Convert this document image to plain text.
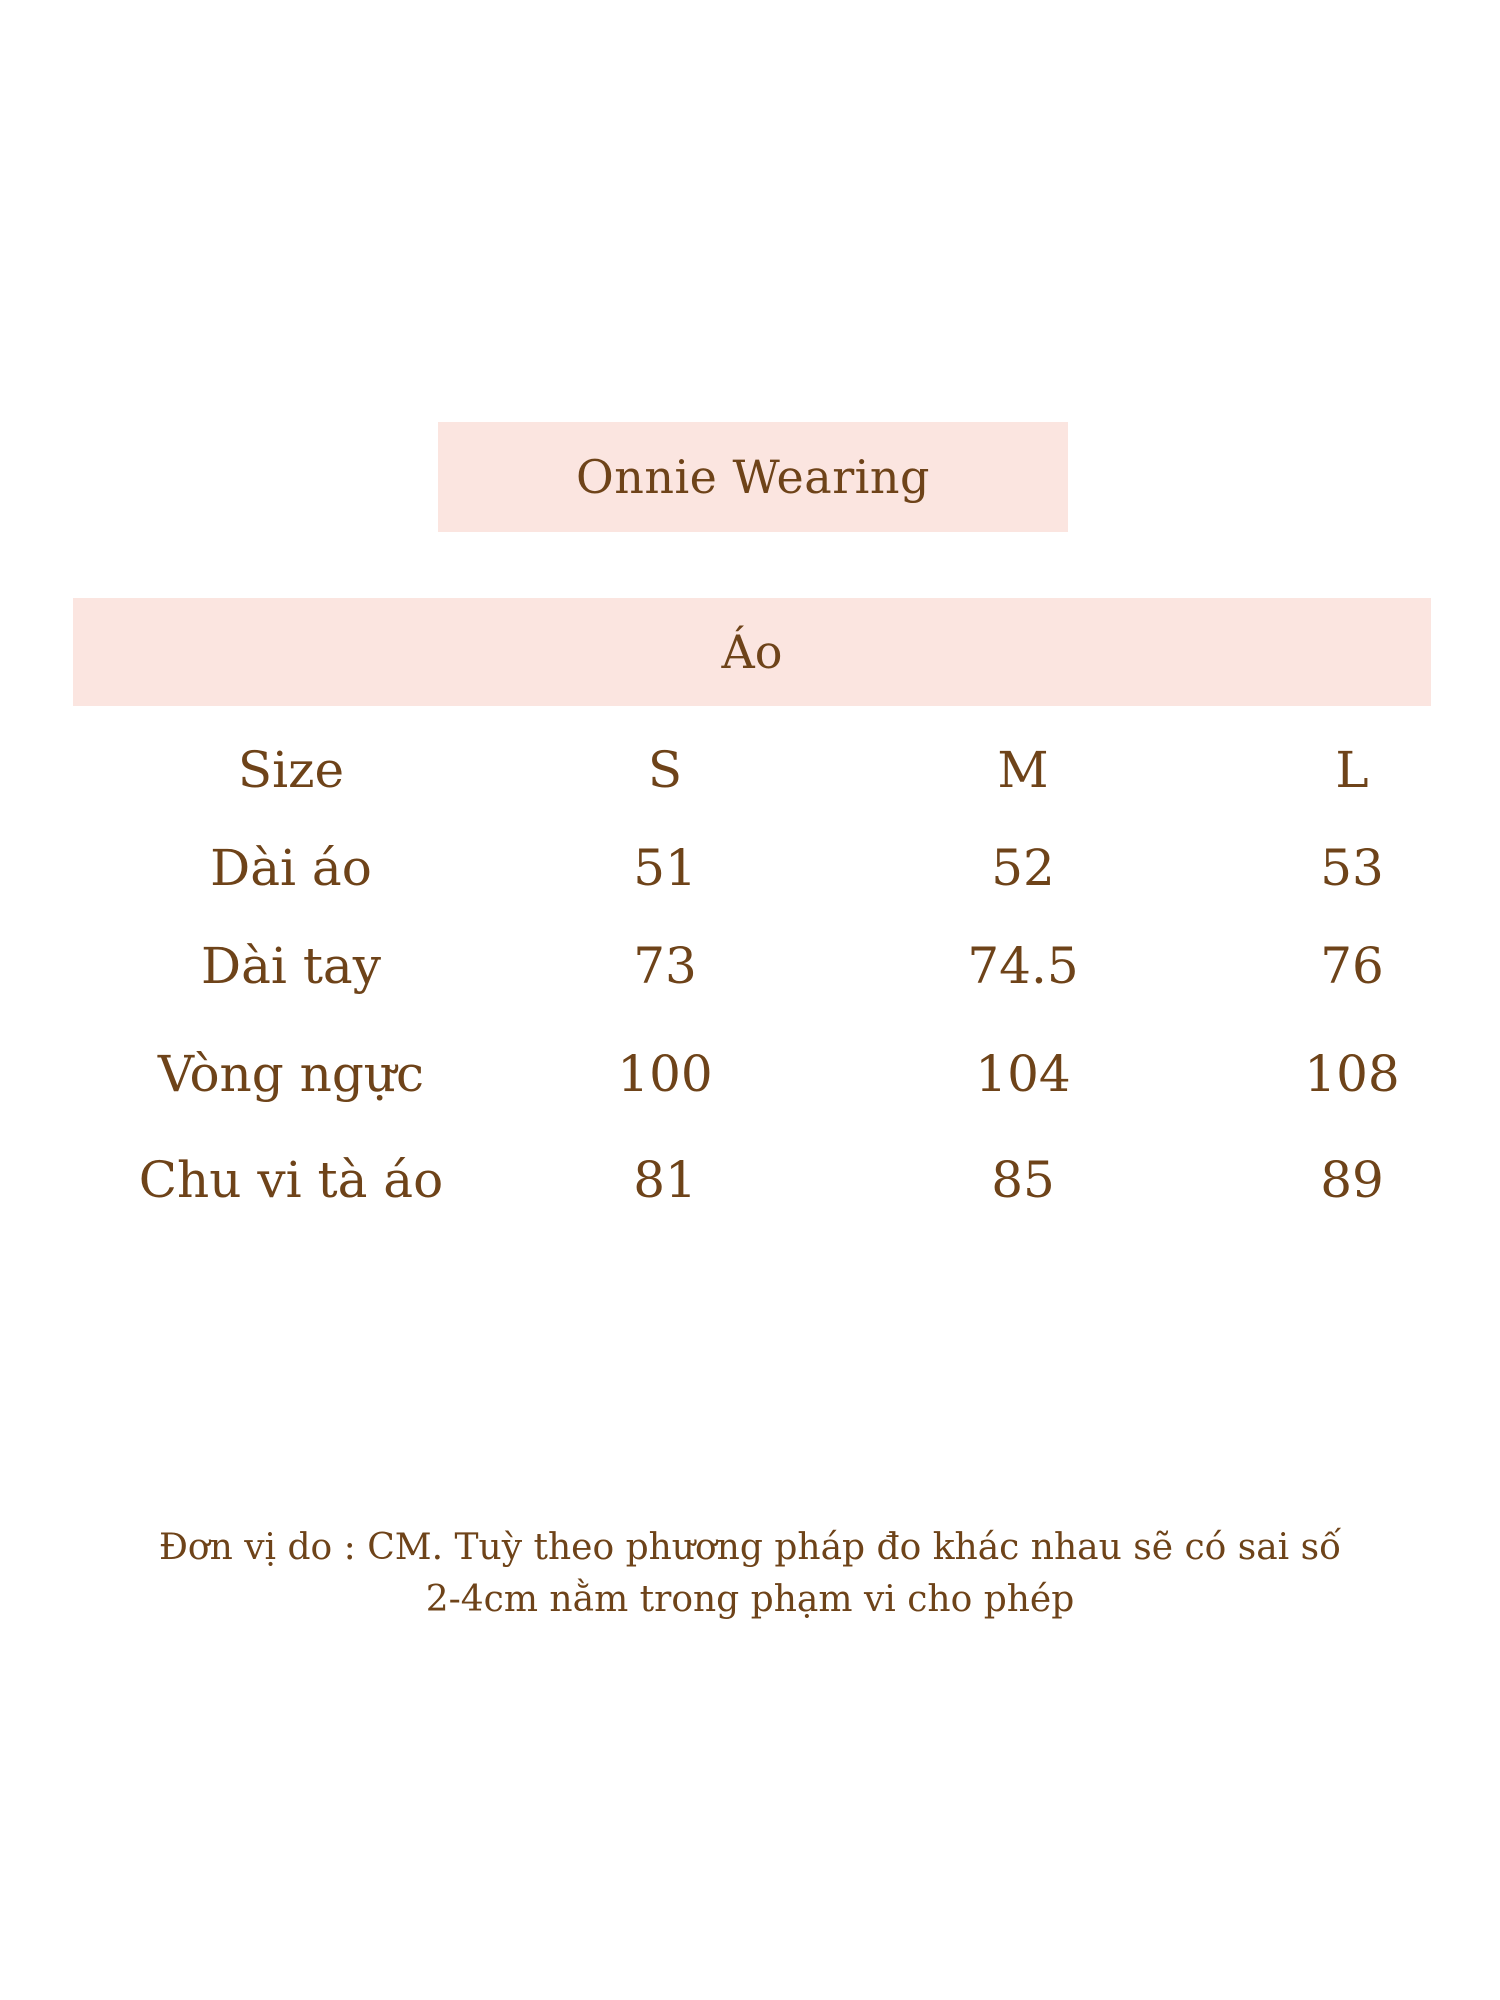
Onnie Wearing
Áo
Size	S	M	L
Dài áo	51	52	53
Dài tay	73	74.5	76
Vòng ngực	100	104	108
Chu vi tà áo	81	85	89
Đơn vị do : CM. Tuỳ theo phương pháp đo khác nhau sẽ có sai số
2-4cm nằm trong phạm vi cho phép
